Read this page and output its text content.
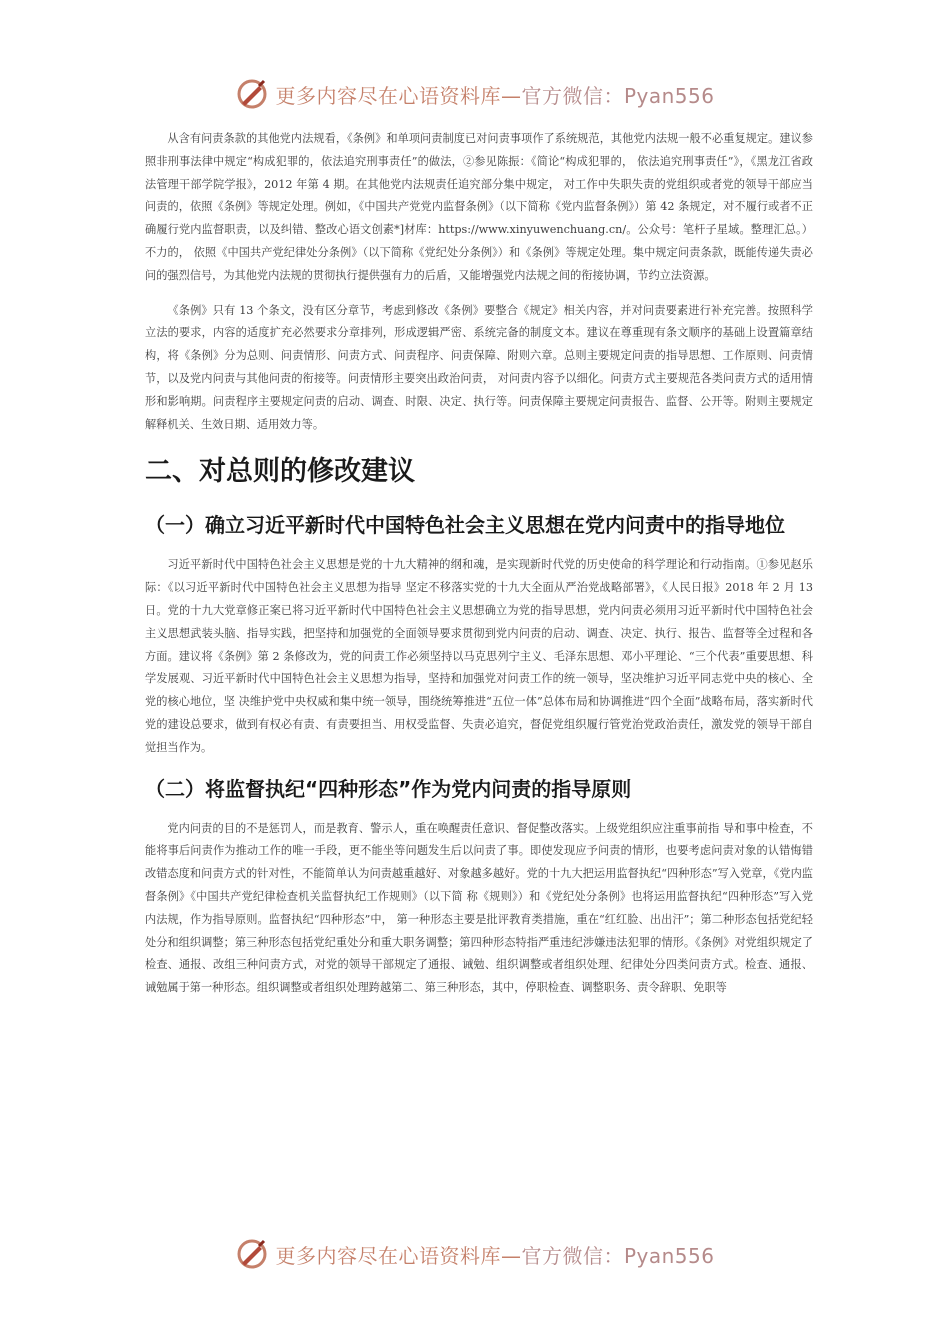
更多内容尽在心语资料库— 官方微信：Pyan556

从含有问责条款的其他党内法规看，《条例》和单项问责制度已对问责事项作了系统规范，其他党内法规一般不必重复规定。建议参照非刑事法律中规定“构成犯罪的，依法追究刑事责任”的做法，②参见陈振：《简论“构成犯罪的， 依法追究刑事责任”》，《黑龙江省政法管理干部学院学报》，2012 年第 4 期。在其他党内法规责任追究部分集中规定， 对工作中失职失责的党组织或者党的领导干部应当问责的，依照《条例》等规定处理。例如，《中国共产党党内监督条例》（以下简称《党内监督条例》）第 42 条规定，对不履行或者不正确履行党内监督职责，以及纠错、整改心语文创素*]材库：https://www.xinyuwenchuang.cn/。公众号：笔杆子星域。整理汇总。）不力的， 依照《中国共产党纪律处分条例》（以下简称《党纪处分条例》）和《条例》等规定处理。集中规定问责条款，既能传递失责必问的强烈信号，为其他党内法规的贯彻执行提供强有力的后盾，又能增强党内法规之间的衔接协调，节约立法资源。

《条例》只有 13 个条文，没有区分章节，考虑到修改《条例》要整合《规定》相关内容，并对问责要素进行补充完善。按照科学立法的要求，内容的适度扩充必然要求分章排列，形成逻辑严密、系统完备的制度文本。建议在尊重现有条文顺序的基础上设置篇章结构，将《条例》分为总则、问责情形、问责方式、问责程序、问责保障、附则六章。总则主要规定问责的指导思想、工作原则、问责情节，以及党内问责与其他问责的衔接等。问责情形主要突出政治问责， 对问责内容予以细化。问责方式主要规范各类问责方式的适用情形和影响期。问责程序主要规定问责的启动、调查、时限、决定、执行等。问责保障主要规定问责报告、监督、公开等。附则主要规定解释机关、生效日期、适用效力等。

二、对总则的修改建议
（一）确立习近平新时代中国特色社会主义思想在党内问责中的指导地位

习近平新时代中国特色社会主义思想是党的十九大精神的纲和魂，是实现新时代党的历史使命的科学理论和行动指南。①参见赵乐际：《以习近平新时代中国特色社会主义思想为指导 坚定不移落实党的十九大全面从严治党战略部署》，《人民日报》2018 年 2 月 13 日。党的十九大党章修正案已将习近平新时代中国特色社会主义思想确立为党的指导思想，党内问责必须用习近平新时代中国特色社会主义思想武装头脑、指导实践，把坚持和加强党的全面领导要求贯彻到党内问责的启动、调查、决定、执行、报告、监督等全过程和各方面。建议将《条例》第 2 条修改为，党的问责工作必须坚持以马克思列宁主义、毛泽东思想、邓小平理论、“三个代表”重要思想、科学发展观、习近平新时代中国特色社会主义思想为指导，坚持和加强党对问责工作的统一领导，坚决维护习近平同志党中央的核心、全党的核心地位，坚 决维护党中央权威和集中统一领导，围绕统筹推进“五位一体”总体布局和协调推进“四个全面”战略布局，落实新时代党的建设总要求，做到有权必有责、有责要担当、用权受监督、失责必追究，督促党组织履行管党治党政治责任，激发党的领导干部自觉担当作为。

（二）将监督执纪“四种形态”作为党内问责的指导原则

党内问责的目的不是惩罚人，而是教育、警示人，重在唤醒责任意识、督促整改落实。上级党组织应注重事前指 导和事中检查，不能将事后问责作为推动工作的唯一手段，更不能坐等问题发生后以问责了事。即使发现应予问责的情形，也要考虑问责对象的认错悔错改错态度和问责方式的针对性，不能简单认为问责越重越好、对象越多越好。党的十九大把运用监督执纪“四种形态”写入党章，《党内监督条例》《中国共产党纪律检查机关监督执纪工作规则》（以下简 称《规则》）和《党纪处分条例》也将运用监督执纪“四种形态”写入党内法规，作为指导原则。监督执纪“四种形态”中， 第一种形态主要是批评教育类措施，重在“红红脸、出出汗”；第二种形态包括党纪轻处分和组织调整；第三种形态包括党纪重处分和重大职务调整；第四种形态特指严重违纪涉嫌违法犯罪的情形。《条例》对党组织规定了检查、通报、改组三种问责方式，对党的领导干部规定了通报、诫勉、组织调整或者组织处理、纪律处分四类问责方式。检查、通报、诫勉属于第一种形态。组织调整或者组织处理跨越第二、第三种形态，其中，停职检查、调整职务、责令辞职、免职等

更多内容尽在心语资料库— 官方微信：Pyan556
